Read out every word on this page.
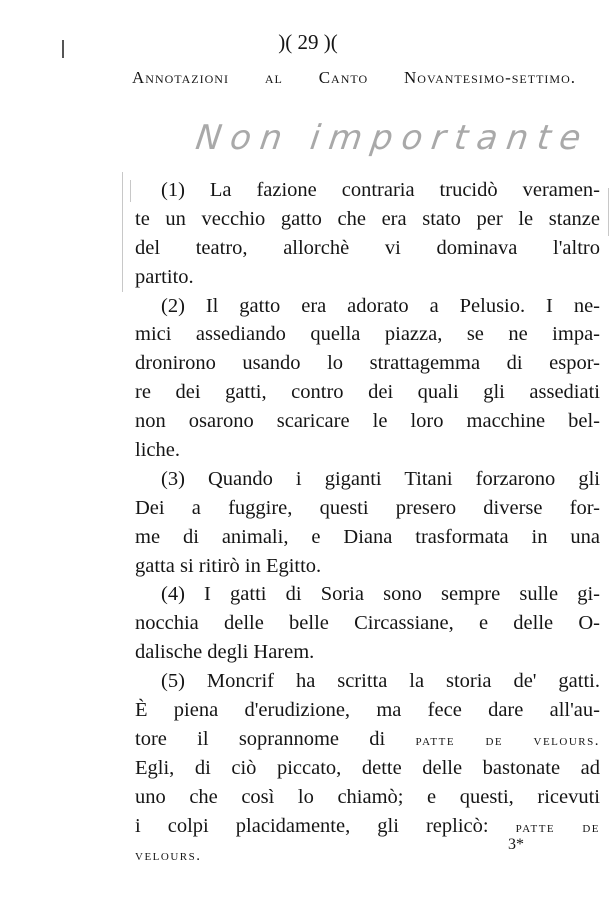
)( 29 )(
Annotazioni al Canto Novantesimo-settimo.
Non importante
(1) La fazione contraria trucidò veramen-
te un vecchio gatto che era stato per le stanze
del teatro, allorchè vi dominava l'altro
partito.
(2) Il gatto era adorato a Pelusio. I ne-
mici assediando quella piazza, se ne impa-
dronirono usando lo strattagemma di espor-
re dei gatti, contro dei quali gli assediati
non osarono scaricare le loro macchine bel-
liche.
(3) Quando i giganti Titani forzarono gli
Dei a fuggire, questi presero diverse for-
me di animali, e Diana trasformata in una
gatta si ritirò in Egitto.
(4) I gatti di Soria sono sempre sulle gi-
nocchia delle belle Circassiane, e delle O-
dalische degli Harem.
(5) Moncrif ha scritta la storia de' gatti.
È piena d'erudizione, ma fece dare all'au-
tore il soprannome di patte de velours.
Egli, di ciò piccato, dette delle bastonate ad
uno che così lo chiamò; e questi, ricevuti
i colpi placidamente, gli replicò: patte de
velours.
3*
